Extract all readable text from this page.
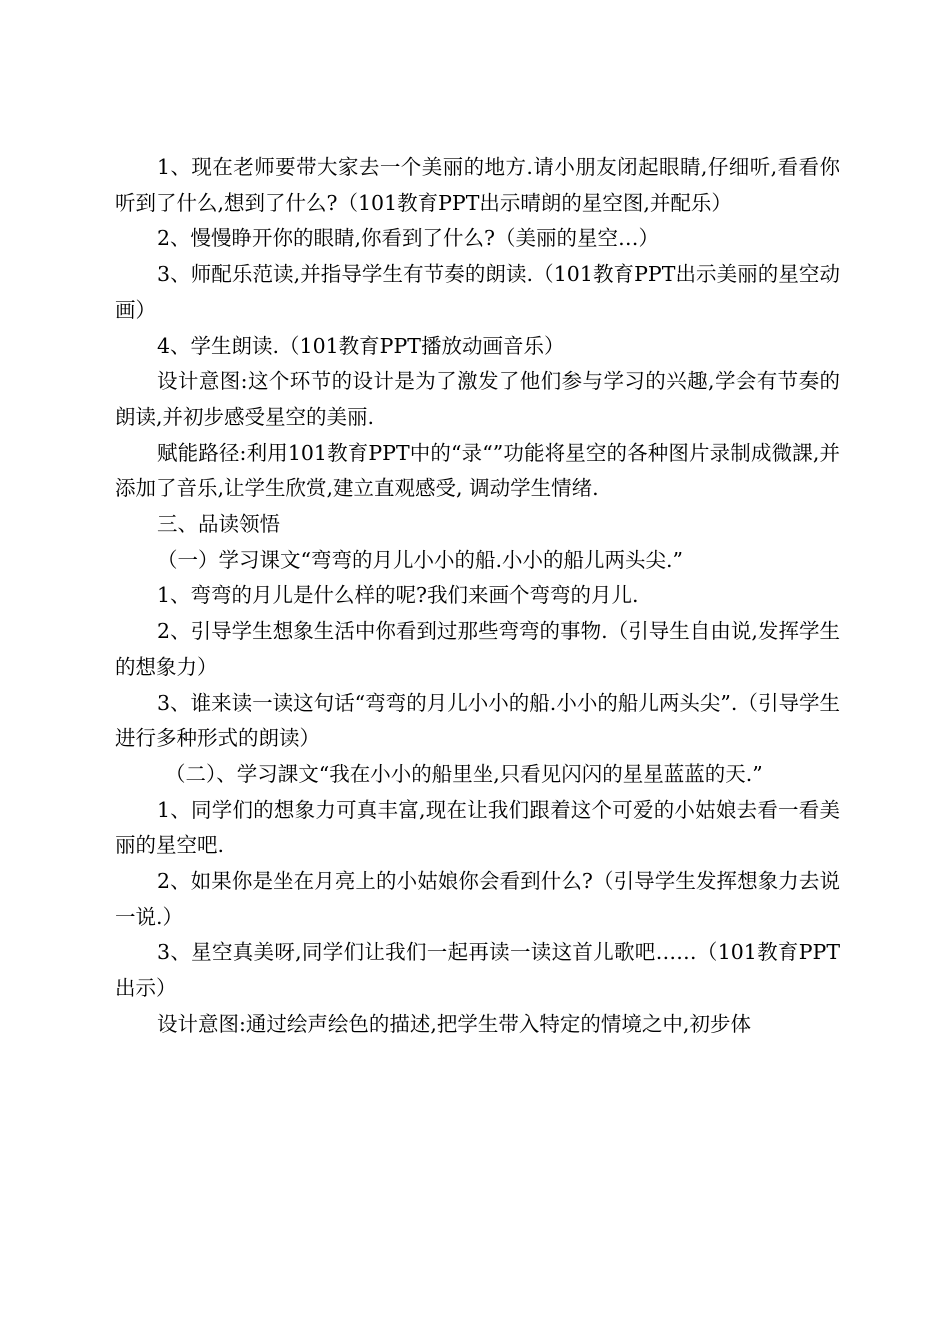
1、现在老师要带大家去一个美丽的地方.请小朋友闭起眼睛,仔细听,看看你听到了什么,想到了什么?（101教育PPT出示晴朗的星空图,并配乐）

2、慢慢睁开你的眼睛,你看到了什么?（美丽的星空…）

3、师配乐范读,并指导学生有节奏的朗读.（101教育PPT出示美丽的星空动画）

4、学生朗读.（101教育PPT播放动画音乐）

设计意图:这个环节的设计是为了激发了他们参与学习的兴趣,学会有节奏的朗读,并初步感受星空的美丽.

赋能路径:利用101教育PPT中的“录“”功能将星空的各种图片录制成微課,并添加了音乐,让学生欣赏,建立直观感受, 调动学生情绪.

三、品读领悟

（一）学习课文“弯弯的月儿小小的船.小小的船儿两头尖.”

1、弯弯的月儿是什么样的呢?我们来画个弯弯的月儿.

2、引导学生想象生活中你看到过那些弯弯的事物.（引导生自由说,发挥学生的想象力）

3、谁来读一读这句话“弯弯的月儿小小的船.小小的船儿两头尖”.（引导学生进行多种形式的朗读）

（二）、学习課文“我在小小的船里坐,只看见闪闪的星星蓝蓝的天.”

1、同学们的想象力可真丰富,现在让我们跟着这个可爱的小姑娘去看一看美丽的星空吧.

2、如果你是坐在月亮上的小姑娘你会看到什么?（引导学生发挥想象力去说一说.）

3、星空真美呀,同学们让我们一起再读一读这首儿歌吧……（101教育PPT出示）

设计意图:通过绘声绘色的描述,把学生带入特定的情境之中,初步体
